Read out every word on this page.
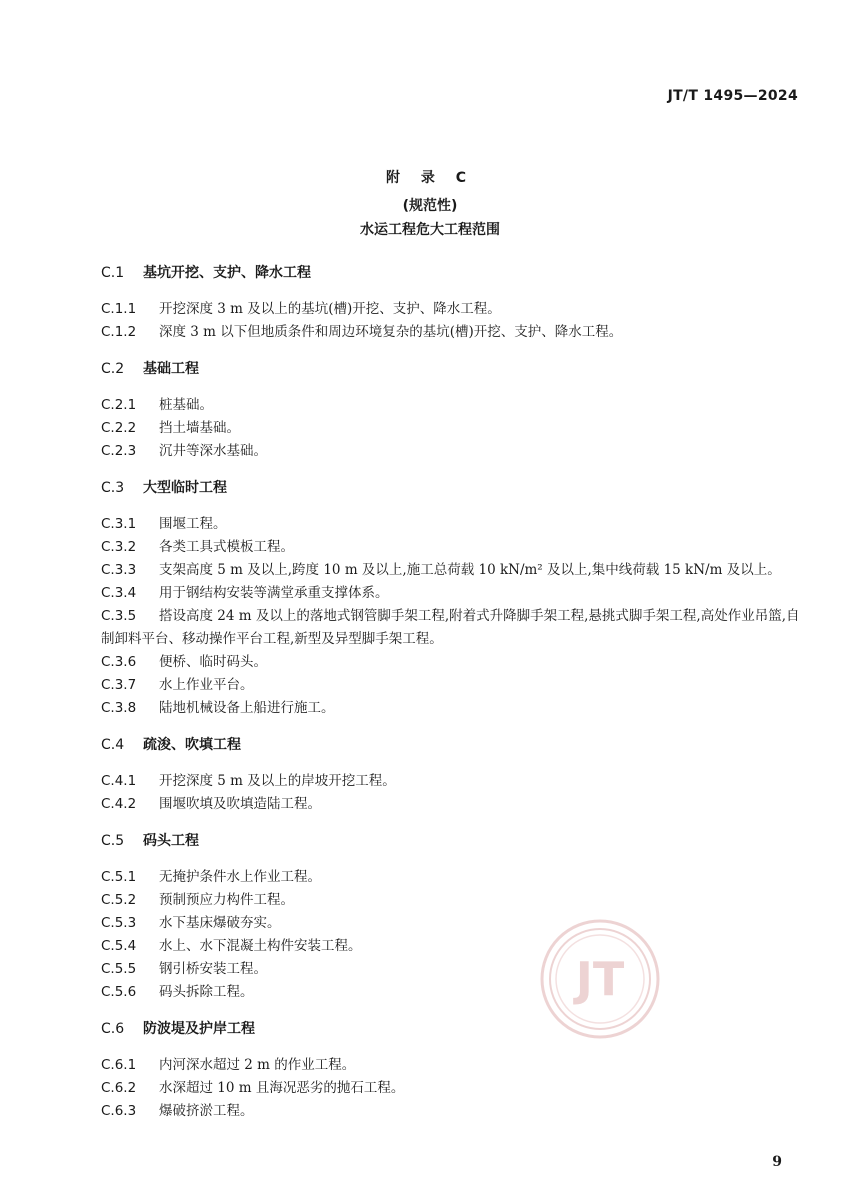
JT/T 1495—2024
附 录 C
(规范性)
水运工程危大工程范围
C.1 基坑开挖、支护、降水工程
C.1.1 开挖深度 3 m 及以上的基坑(槽)开挖、支护、降水工程。
C.1.2 深度 3 m 以下但地质条件和周边环境复杂的基坑(槽)开挖、支护、降水工程。
C.2 基础工程
C.2.1 桩基础。
C.2.2 挡土墙基础。
C.2.3 沉井等深水基础。
C.3 大型临时工程
C.3.1 围堰工程。
C.3.2 各类工具式模板工程。
C.3.3 支架高度 5 m 及以上,跨度 10 m 及以上,施工总荷载 10 kN/m² 及以上,集中线荷载 15 kN/m 及以上。
C.3.4 用于钢结构安装等满堂承重支撑体系。
C.3.5 搭设高度 24 m 及以上的落地式钢管脚手架工程,附着式升降脚手架工程,悬挑式脚手架工程,高处作业吊篮,自制卸料平台、移动操作平台工程,新型及异型脚手架工程。
C.3.6 便桥、临时码头。
C.3.7 水上作业平台。
C.3.8 陆地机械设备上船进行施工。
C.4 疏浚、吹填工程
C.4.1 开挖深度 5 m 及以上的岸坡开挖工程。
C.4.2 围堰吹填及吹填造陆工程。
C.5 码头工程
C.5.1 无掩护条件水上作业工程。
C.5.2 预制预应力构件工程。
C.5.3 水下基床爆破夯实。
C.5.4 水上、水下混凝土构件安装工程。
C.5.5 钢引桥安装工程。
C.5.6 码头拆除工程。
C.6 防波堤及护岸工程
C.6.1 内河深水超过 2 m 的作业工程。
C.6.2 水深超过 10 m 且海况恶劣的抛石工程。
C.6.3 爆破挤淤工程。
JT
9
